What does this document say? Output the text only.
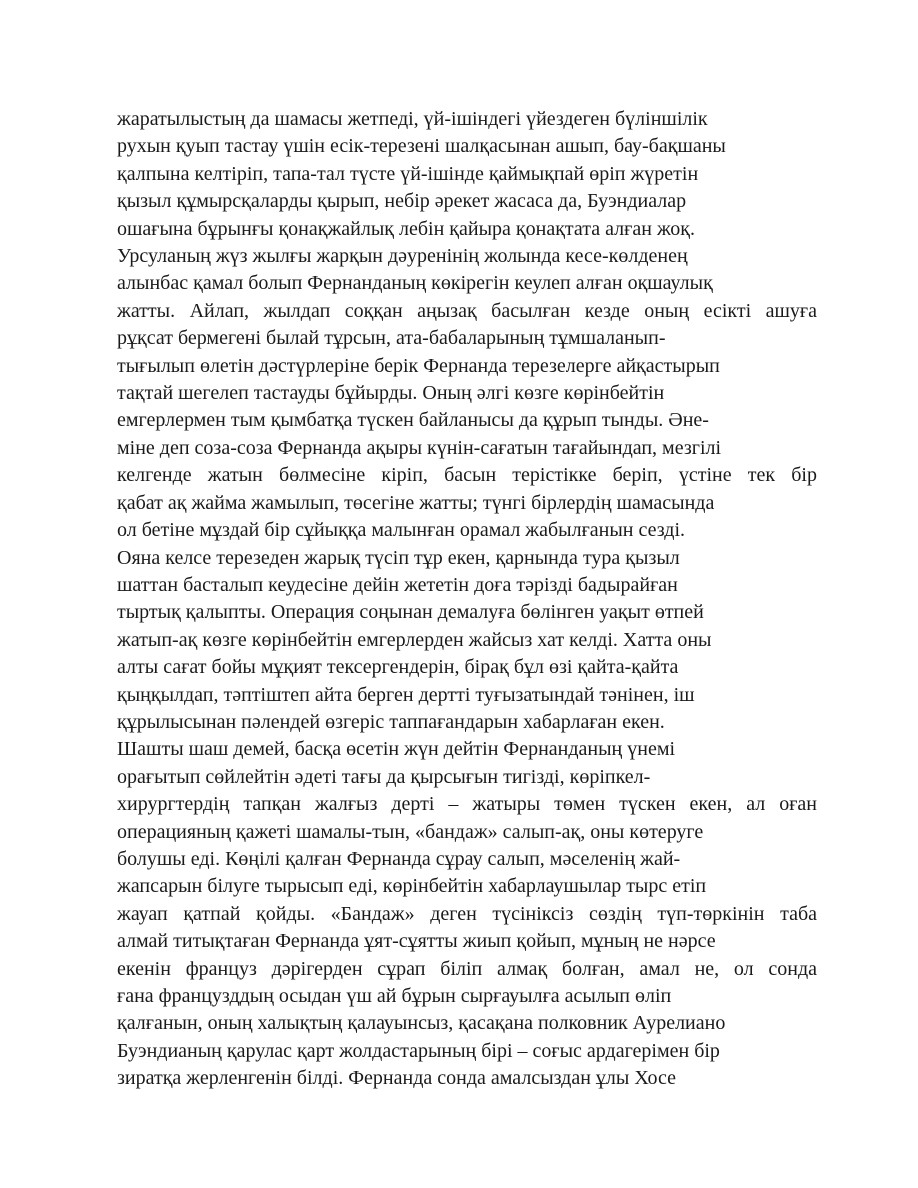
жаратылыстың да шамасы жетпеді, үй-ішіндегі үйездеген бүліншілік
рухын қуып тастау үшін есік-терезені шалқасынан ашып, бау-бақшаны
қалпына келтіріп, тапа-тал түсте үй-ішінде қаймықпай өріп жүретін
қызыл құмырсқаларды қырып, небір әрекет жасаса да, Буэндиалар
ошағына бұрынғы қонақжайлық лебін қайыра қонақтата алған жоқ.
Урсуланың жүз жылғы жарқын дәуренінің жолында кесе-көлденең
алынбас қамал болып Фернанданың көкірегін кеулеп алған оқшаулық
жатты. Айлап, жылдап соққан аңызақ басылған кезде оның есікті ашуға
рұқсат бермегені былай тұрсын, ата-бабаларының тұмшаланып-
тығылып өлетін дәстүрлеріне берік Фернанда терезелерге айқастырып
тақтай шегелеп тастауды бұйырды. Оның әлгі көзге көрінбейтін
емгерлермен тым қымбатқа түскен байланысы да құрып тынды. Әне-
міне деп соза-соза Фернанда ақыры күнін-сағатын тағайындап, мезгілі
келгенде жатын бөлмесіне кіріп, басын терістікке беріп, үстіне тек бір
қабат ақ жайма жамылып, төсегіне жатты; түнгі бірлердің шамасында
ол бетіне мұздай бір сұйыққа малынған орамал жабылғанын сезді.
Ояна келсе терезеден жарық түсіп тұр екен, қарнында тура қызыл
шаттан басталып кеудесіне дейін жететін доға тәрізді бадырайған
тыртық қалыпты. Операция соңынан демалуға бөлінген уақыт өтпей
жатып-ақ көзге көрінбейтін емгерлерден жайсыз хат келді. Хатта оны
алты сағат бойы мұқият тексергендерін, бірақ бұл өзі қайта-қайта
қыңқылдап, тәптіштеп айта берген дертті туғызатындай тәнінен, іш
құрылысынан пәлендей өзгеріс таппағандарын хабарлаған екен.
Шашты шаш демей, басқа өсетін жүн дейтін Фернанданың үнемі
орағытып сөйлейтін әдеті тағы да қырсығын тигізді, көріпкел-
хирургтердің тапқан жалғыз дерті – жатыры төмен түскен екен, ал оған
операцияның қажеті шамалы-тын, «бандаж» салып-ақ, оны көтеруге
болушы еді. Көңілі қалған Фернанда сұрау салып, мәселенің жай-
жапсарын білуге тырысып еді, көрінбейтін хабарлаушылар тырс етіп
жауап қатпай қойды. «Бандаж» деген түсініксіз сөздің түп-төркінін таба
алмай титықтаған Фернанда ұят-сұятты жиып қойып, мұның не нәрсе
екенін француз дәрігерден сұрап біліп алмақ болған, амал не, ол сонда
ғана французддың осыдан үш ай бұрын сырғауылға асылып өліп
қалғанын, оның халықтың қалауынсыз, қасақана полковник Аурелиано
Буэндианың қарулас қарт жолдастарының бірі – соғыс ардагерімен бір
зиратқа жерленгенін білді. Фернанда сонда амалсыздан ұлы Хосе
